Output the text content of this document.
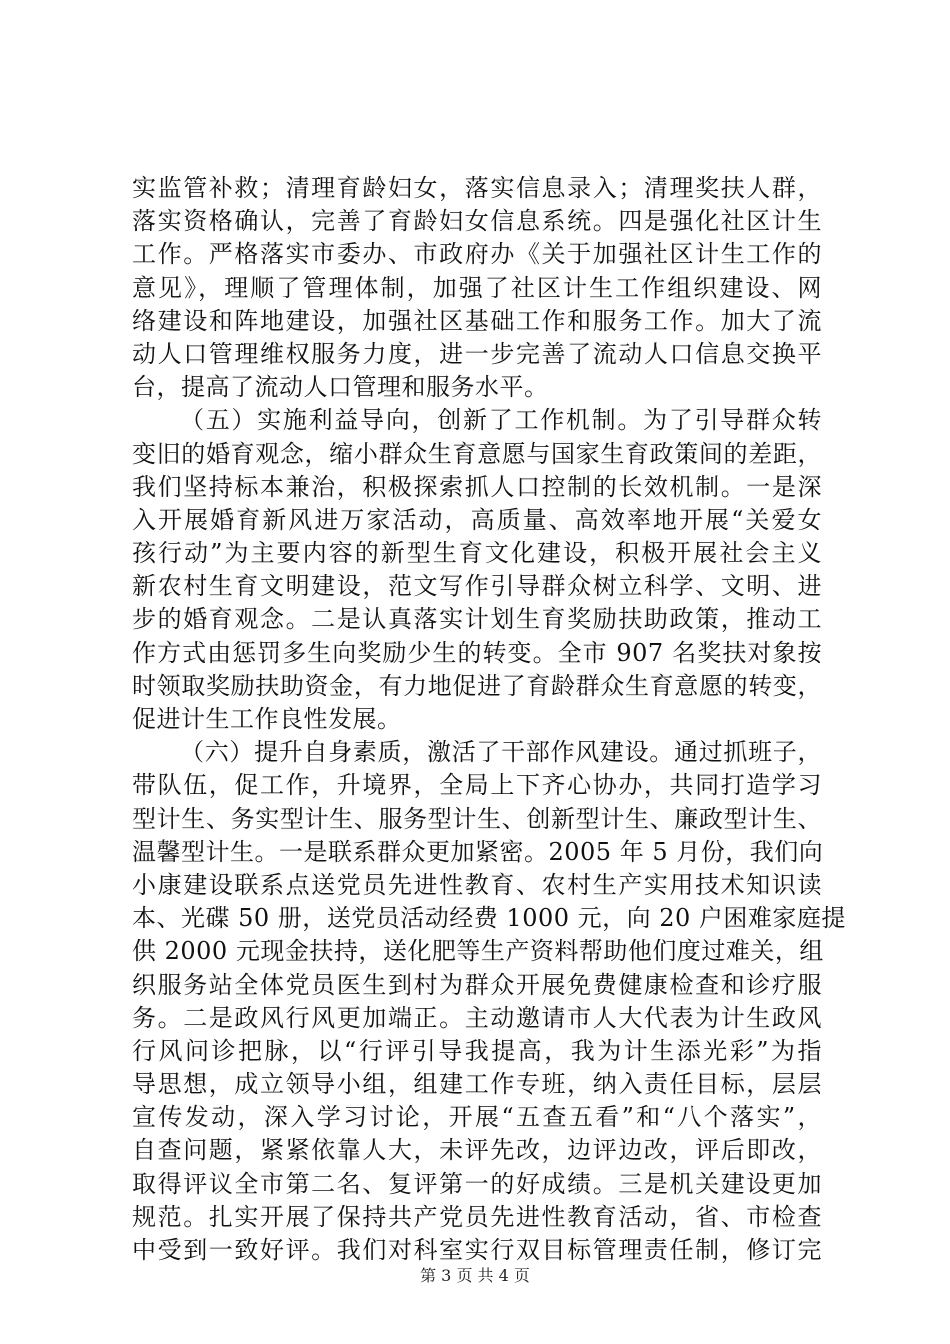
实监管补救；清理育龄妇女，落实信息录入；清理奖扶人群，
落实资格确认，完善了育龄妇女信息系统。四是强化社区计生
工作。严格落实市委办、市政府办《关于加强社区计生工作的
意见》，理顺了管理体制，加强了社区计生工作组织建设、网
络建设和阵地建设，加强社区基础工作和服务工作。加大了流
动人口管理维权服务力度，进一步完善了流动人口信息交换平
台，提高了流动人口管理和服务水平。
（五）实施利益导向，创新了工作机制。为了引导群众转
变旧的婚育观念，缩小群众生育意愿与国家生育政策间的差距，
我们坚持标本兼治，积极探索抓人口控制的长效机制。一是深
入开展婚育新风进万家活动，高质量、高效率地开展“关爱女
孩行动”为主要内容的新型生育文化建设，积极开展社会主义
新农村生育文明建设，范文写作引导群众树立科学、文明、进
步的婚育观念。二是认真落实计划生育奖励扶助政策，推动工
作方式由惩罚多生向奖励少生的转变。全市 907 名奖扶对象按
时领取奖励扶助资金，有力地促进了育龄群众生育意愿的转变，
促进计生工作良性发展。
（六）提升自身素质，激活了干部作风建设。通过抓班子，
带队伍，促工作，升境界，全局上下齐心协办，共同打造学习
型计生、务实型计生、服务型计生、创新型计生、廉政型计生、
温馨型计生。一是联系群众更加紧密。2005 年 5 月份，我们向
小康建设联系点送党员先进性教育、农村生产实用技术知识读
本、光碟 50 册，送党员活动经费 1000 元，向 20 户困难家庭提
供 2000 元现金扶持，送化肥等生产资料帮助他们度过难关，组
织服务站全体党员医生到村为群众开展免费健康检查和诊疗服
务。二是政风行风更加端正。主动邀请市人大代表为计生政风
行风问诊把脉，以“行评引导我提高，我为计生添光彩”为指
导思想，成立领导小组，组建工作专班，纳入责任目标，层层
宣传发动，深入学习讨论，开展“五查五看”和“八个落实”，
自查问题，紧紧依靠人大，未评先改，边评边改，评后即改，
取得评议全市第二名、复评第一的好成绩。三是机关建设更加
规范。扎实开展了保持共产党员先进性教育活动，省、市检查
中受到一致好评。我们对科室实行双目标管理责任制，修订完
第 3 页 共 4 页
